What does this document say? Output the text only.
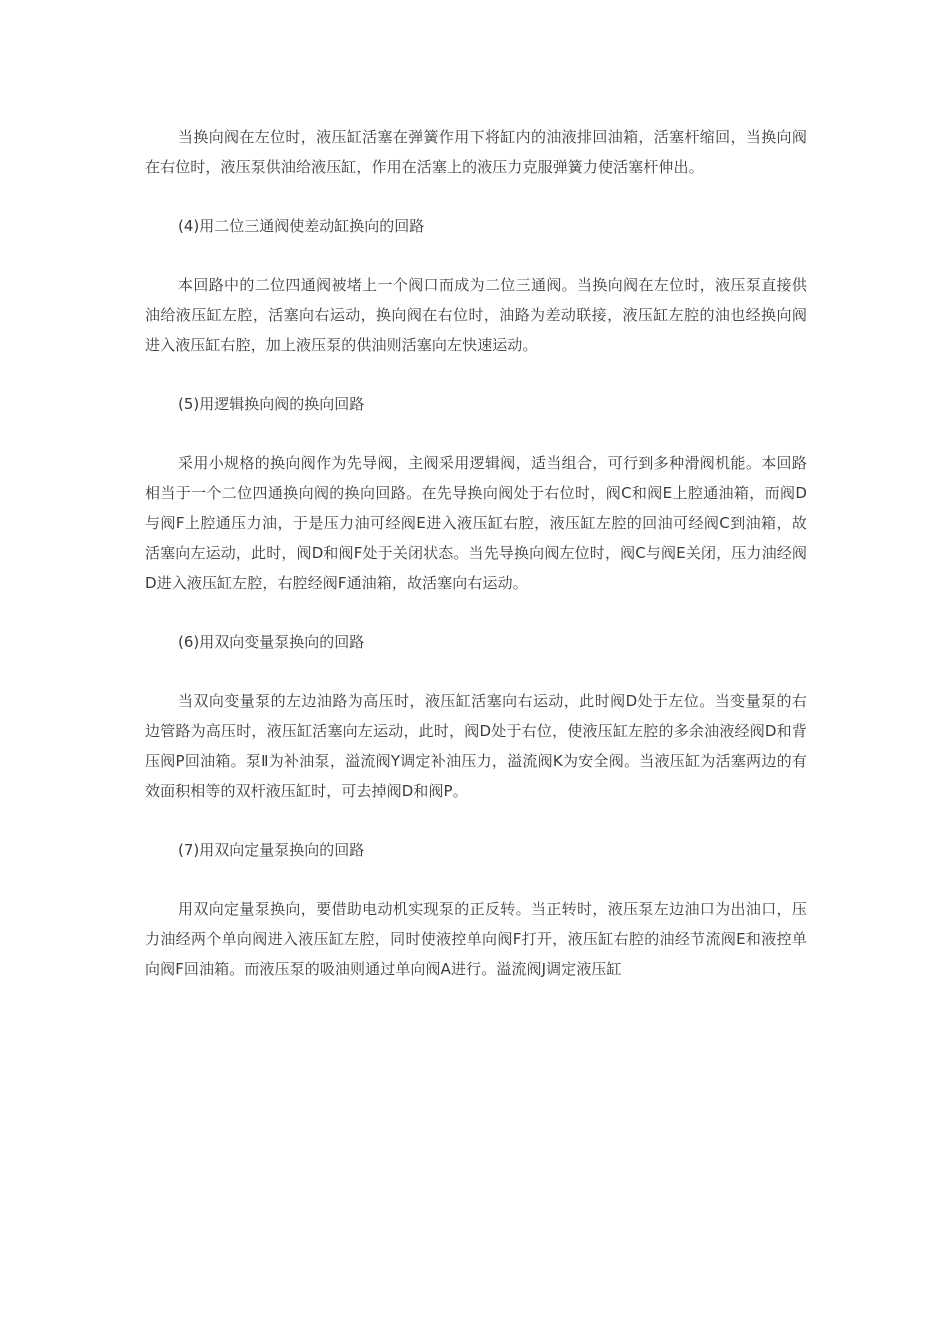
当换向阀在左位时，液压缸活塞在弹簧作用下将缸内的油液排回油箱，活塞杆缩回，当换向阀在右位时，液压泵供油给液压缸，作用在活塞上的液压力克服弹簧力使活塞杆伸出。

(4)用二位三通阀使差动缸换向的回路

本回路中的二位四通阀被堵上一个阀口而成为二位三通阀。当换向阀在左位时，液压泵直接供油给液压缸左腔，活塞向右运动，换向阀在右位时，油路为差动联接，液压缸左腔的油也经换向阀进入液压缸右腔，加上液压泵的供油则活塞向左快速运动。

(5)用逻辑换向阀的换向回路

采用小规格的换向阀作为先导阀，主阀采用逻辑阀，适当组合，可行到多种滑阀机能。本回路相当于一个二位四通换向阀的换向回路。在先导换向阀处于右位时，阀C和阀E上腔通油箱，而阀D与阀F上腔通压力油，于是压力油可经阀E进入液压缸右腔，液压缸左腔的回油可经阀C到油箱，故活塞向左运动，此时，阀D和阀F处于关闭状态。当先导换向阀左位时，阀C与阀E关闭，压力油经阀D进入液压缸左腔，右腔经阀F通油箱，故活塞向右运动。

(6)用双向变量泵换向的回路

当双向变量泵的左边油路为高压时，液压缸活塞向右运动，此时阀D处于左位。当变量泵的右边管路为高压时，液压缸活塞向左运动，此时，阀D处于右位，使液压缸左腔的多余油液经阀D和背压阀P回油箱。泵Ⅱ为补油泵，溢流阀Y调定补油压力，溢流阀K为安全阀。当液压缸为活塞两边的有效面积相等的双杆液压缸时，可去掉阀D和阀P。

(7)用双向定量泵换向的回路

用双向定量泵换向，要借助电动机实现泵的正反转。当正转时，液压泵左边油口为出油口，压力油经两个单向阀进入液压缸左腔，同时使液控单向阀F打开，液压缸右腔的油经节流阀E和液控单向阀F回油箱。而液压泵的吸油则通过单向阀A进行。溢流阀J调定液压缸
